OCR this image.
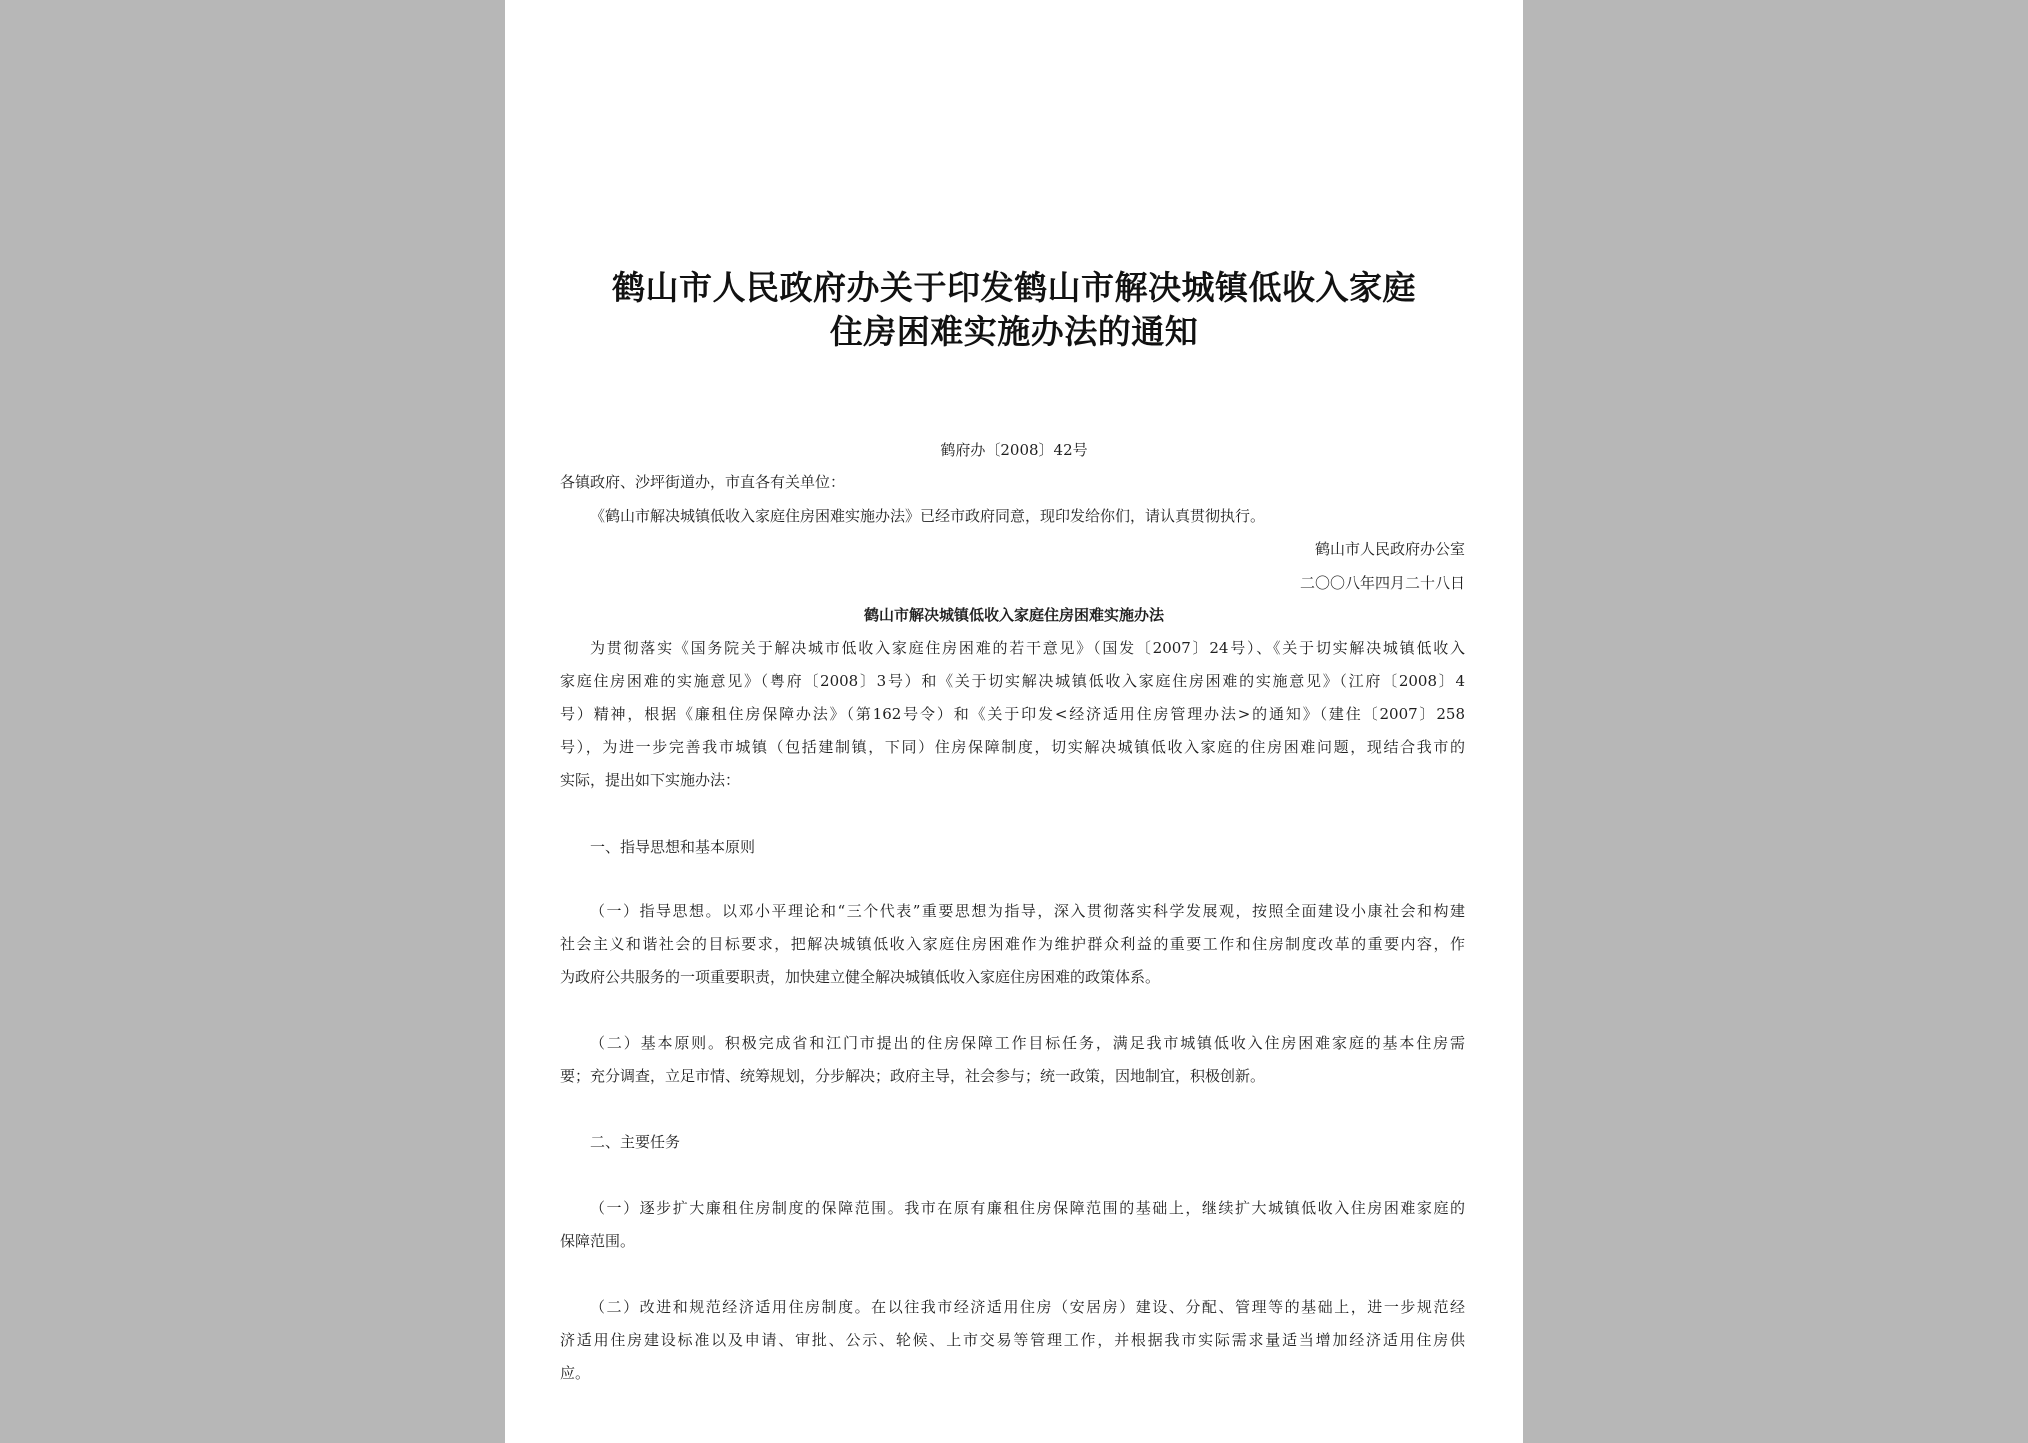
鹤山市人民政府办关于印发鹤山市解决城镇低收入家庭
住房困难实施办法的通知

鹤府办〔2008〕42号

各镇政府、沙坪街道办，市直各有关单位：

《鹤山市解决城镇低收入家庭住房困难实施办法》已经市政府同意，现印发给你们，请认真贯彻执行。

鹤山市人民政府办公室

二〇〇八年四月二十八日

鹤山市解决城镇低收入家庭住房困难实施办法

为贯彻落实《国务院关于解决城市低收入家庭住房困难的若干意见》（国发〔2007〕24号）、《关于切实解决城镇低收入

家庭住房困难的实施意见》（粤府〔2008〕3号）和《关于切实解决城镇低收入家庭住房困难的实施意见》（江府〔2008〕4

号）精神，根据《廉租住房保障办法》（第162号令）和《关于印发<经济适用住房管理办法>的通知》（建住〔2007〕258

号），为进一步完善我市城镇（包括建制镇，下同）住房保障制度，切实解决城镇低收入家庭的住房困难问题，现结合我市的

实际，提出如下实施办法：

一、指导思想和基本原则

（一）指导思想。以邓小平理论和“三个代表”重要思想为指导，深入贯彻落实科学发展观，按照全面建设小康社会和构建

社会主义和谐社会的目标要求，把解决城镇低收入家庭住房困难作为维护群众利益的重要工作和住房制度改革的重要内容，作

为政府公共服务的一项重要职责，加快建立健全解决城镇低收入家庭住房困难的政策体系。

（二）基本原则。积极完成省和江门市提出的住房保障工作目标任务，满足我市城镇低收入住房困难家庭的基本住房需

要；充分调查，立足市情、统筹规划，分步解决；政府主导，社会参与；统一政策，因地制宜，积极创新。

二、主要任务

（一）逐步扩大廉租住房制度的保障范围。我市在原有廉租住房保障范围的基础上，继续扩大城镇低收入住房困难家庭的

保障范围。

（二）改进和规范经济适用住房制度。在以往我市经济适用住房（安居房）建设、分配、管理等的基础上，进一步规范经

济适用住房建设标准以及申请、审批、公示、轮候、上市交易等管理工作，并根据我市实际需求量适当增加经济适用住房供

应。
